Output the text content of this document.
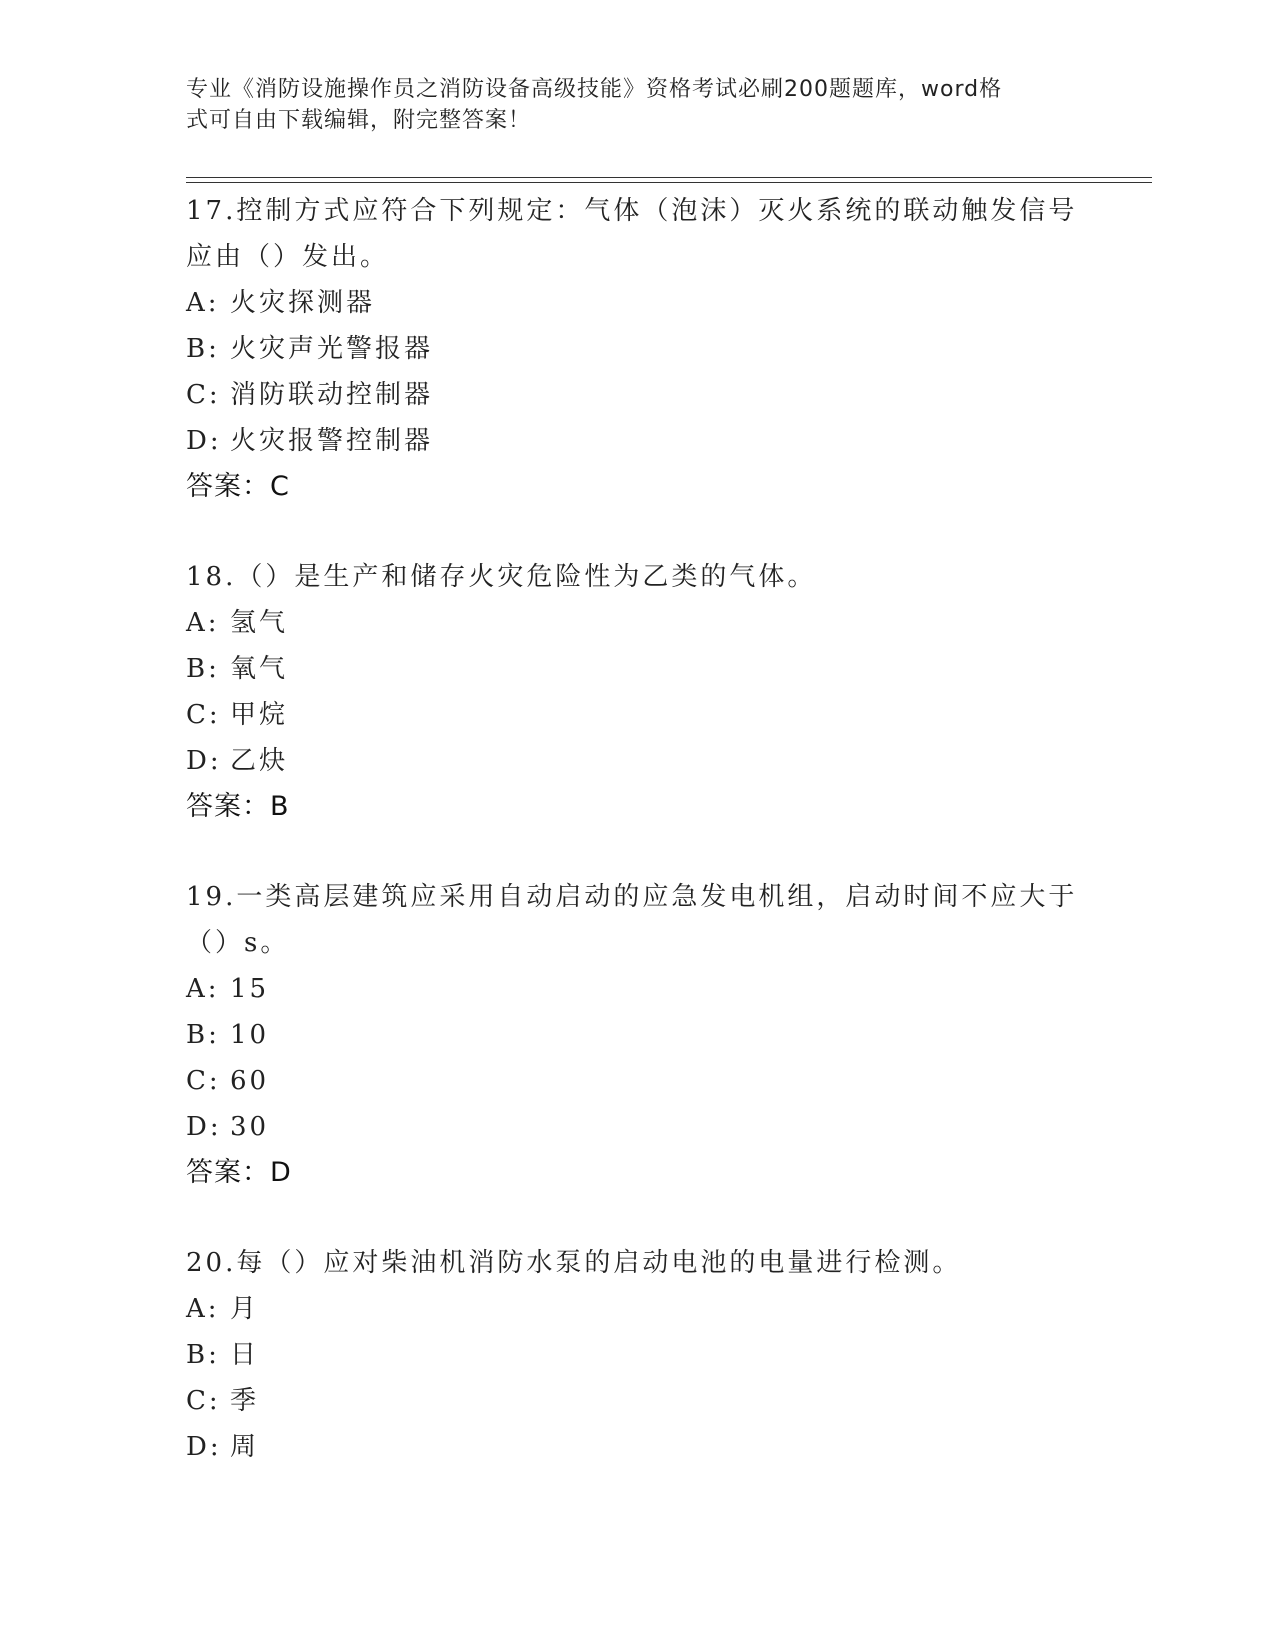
专业《消防设施操作员之消防设备高级技能》资格考试必刷200题题库，word格
式可自由下载编辑，附完整答案！
17.控制方式应符合下列规定：气体（泡沫）灭火系统的联动触发信号
应由（）发出。
A: 火灾探测器
B: 火灾声光警报器
C: 消防联动控制器
D: 火灾报警控制器
答案：C
18.（）是生产和储存火灾危险性为乙类的气体。
A: 氢气
B: 氧气
C: 甲烷
D: 乙炔
答案：B
19.一类高层建筑应采用自动启动的应急发电机组，启动时间不应大于
（）s。
A: 15
B: 10
C: 60
D: 30
答案：D
20.每（）应对柴油机消防水泵的启动电池的电量进行检测。
A: 月
B: 日
C: 季
D: 周
